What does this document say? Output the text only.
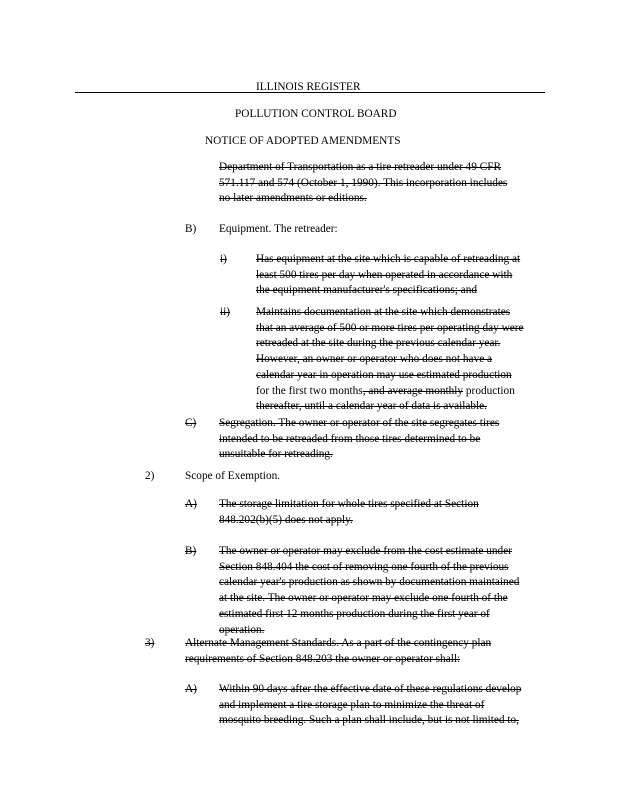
ILLINOIS REGISTER
POLLUTION CONTROL BOARD
NOTICE OF ADOPTED AMENDMENTS
Department of Transportation as a tire retreader under 49 CFR
571.117 and 574 (October 1, 1990). This incorporation includes
no later amendments or editions.
B) Equipment. The retreader:
i)	Has equipment at the site which is capable of retreading at
least 500 tires per day when operated in accordance with
the equipment manufacturer's specifications; and
ii) Maintains documentation at the site which demonstrates
that an average of 500 or more tires per operating day were
retreaded at the site during the previous calendar year.
However, an owner or operator who does not have a
calendar year in operation may use estimated production
for the first two months, and average monthly production
thereafter, until a calendar year of data is available.
C) Segregation. The owner or operator of the site segregates tires
intended to be retreaded from those tires determined to be
unsuitable for retreading.
2)	Scope of Exemption.
A) The storage limitation for whole tires specified at Section
848.202(b)(5) does not apply.
B) The owner or operator may exclude from the cost estimate under
Section 848.404 the cost of removing one fourth of the previous
calendar year's production as shown by documentation maintained
at the site. The owner or operator may exclude one fourth of the
estimated first 12 months production during the first year of
operation.
3)	Alternate Management Standards. As a part of the contingency plan
requirements of Section 848.203 the owner or operator shall:
A) Within 90 days after the effective date of these regulations develop
and implement a tire storage plan to minimize the threat of
mosquito breeding. Such a plan shall include, but is not limited to,
